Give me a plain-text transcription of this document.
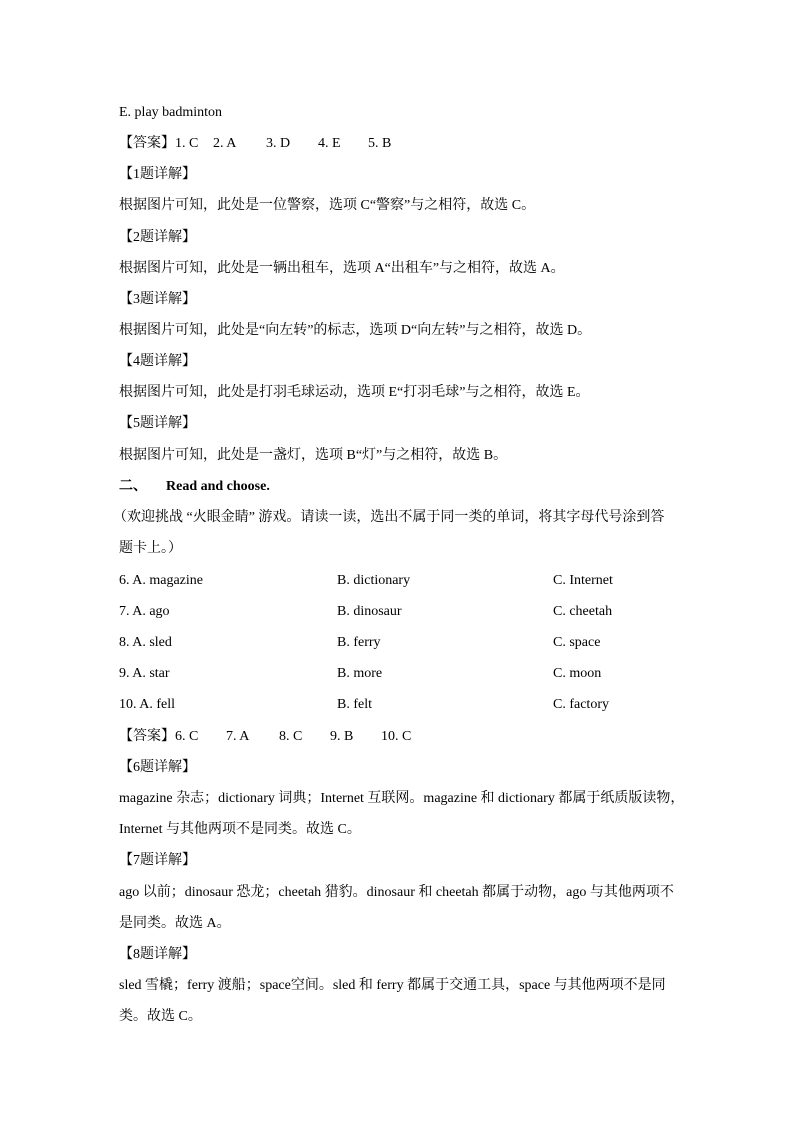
E. play badminton
【答案】1. C 2. A 3. D 4. E 5. B
【1题详解】
根据图片可知，此处是一位警察，选项 C“警察”与之相符，故选 C。
【2题详解】
根据图片可知，此处是一辆出租车，选项 A“出租车”与之相符，故选 A。
【3题详解】
根据图片可知，此处是“向左转”的标志，选项 D“向左转”与之相符，故选 D。
【4题详解】
根据图片可知，此处是打羽毛球运动，选项 E“打羽毛球”与之相符，故选 E。
【5题详解】
根据图片可知，此处是一盏灯，选项 B“灯”与之相符，故选 B。
二、 Read and choose.
（欢迎挑战 “火眼金睛” 游戏。请读一读，选出不属于同一类的单词，将其字母代号涂到答
题卡上。）
6. A. magazine	B. dictionary	C. Internet
7. A. ago	B. dinosaur	C. cheetah
8. A. sled	B. ferry	C. space
9. A. star	B. more	C. moon
10. A. fell	B. felt	C. factory
【答案】6. C 7. A 8. C 9. B 10. C
【6题详解】
magazine 杂志；dictionary 词典；Internet 互联网。magazine 和 dictionary 都属于纸质版读物，
Internet 与其他两项不是同类。故选 C。
【7题详解】
ago 以前；dinosaur 恐龙；cheetah 猎豹。dinosaur 和 cheetah 都属于动物，ago 与其他两项不
是同类。故选 A。
【8题详解】
sled 雪橇；ferry 渡船；space空间。sled 和 ferry 都属于交通工具，space 与其他两项不是同
类。故选 C。
